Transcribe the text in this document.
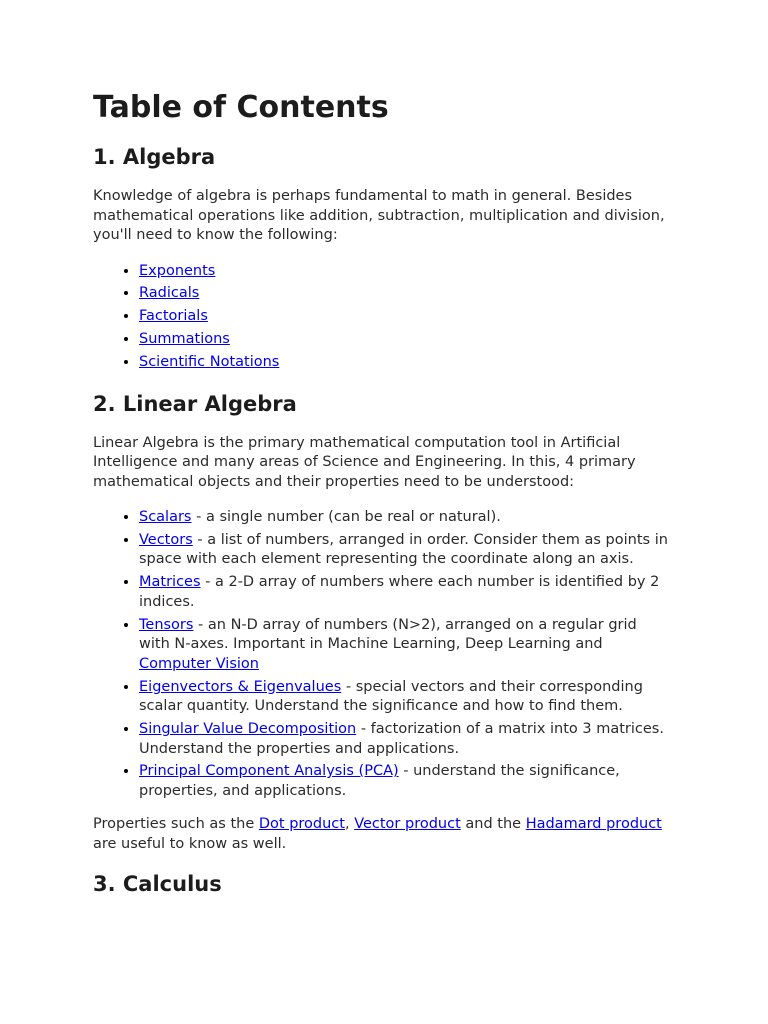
Table of Contents
1. Algebra

Knowledge of algebra is perhaps fundamental to math in general. Besides mathematical operations like addition, subtraction, multiplication and division, you'll need to know the following:

• Exponents
• Radicals
• Factorials
• Summations
• Scientific Notations
2. Linear Algebra

Linear Algebra is the primary mathematical computation tool in Artificial Intelligence and many areas of Science and Engineering. In this, 4 primary mathematical objects and their properties need to be understood:

• Scalars - a single number (can be real or natural).
• Vectors - a list of numbers, arranged in order. Consider them as points in space with each element representing the coordinate along an axis.
• Matrices - a 2-D array of numbers where each number is identified by 2 indices.
• Tensors - an N-D array of numbers (N>2), arranged on a regular grid with N-axes. Important in Machine Learning, Deep Learning and Computer Vision
• Eigenvectors & Eigenvalues - special vectors and their corresponding scalar quantity. Understand the significance and how to find them.
• Singular Value Decomposition - factorization of a matrix into 3 matrices. Understand the properties and applications.
• Principal Component Analysis (PCA) - understand the significance, properties, and applications.

Properties such as the Dot product, Vector product and the Hadamard product are useful to know as well.

3. Calculus
